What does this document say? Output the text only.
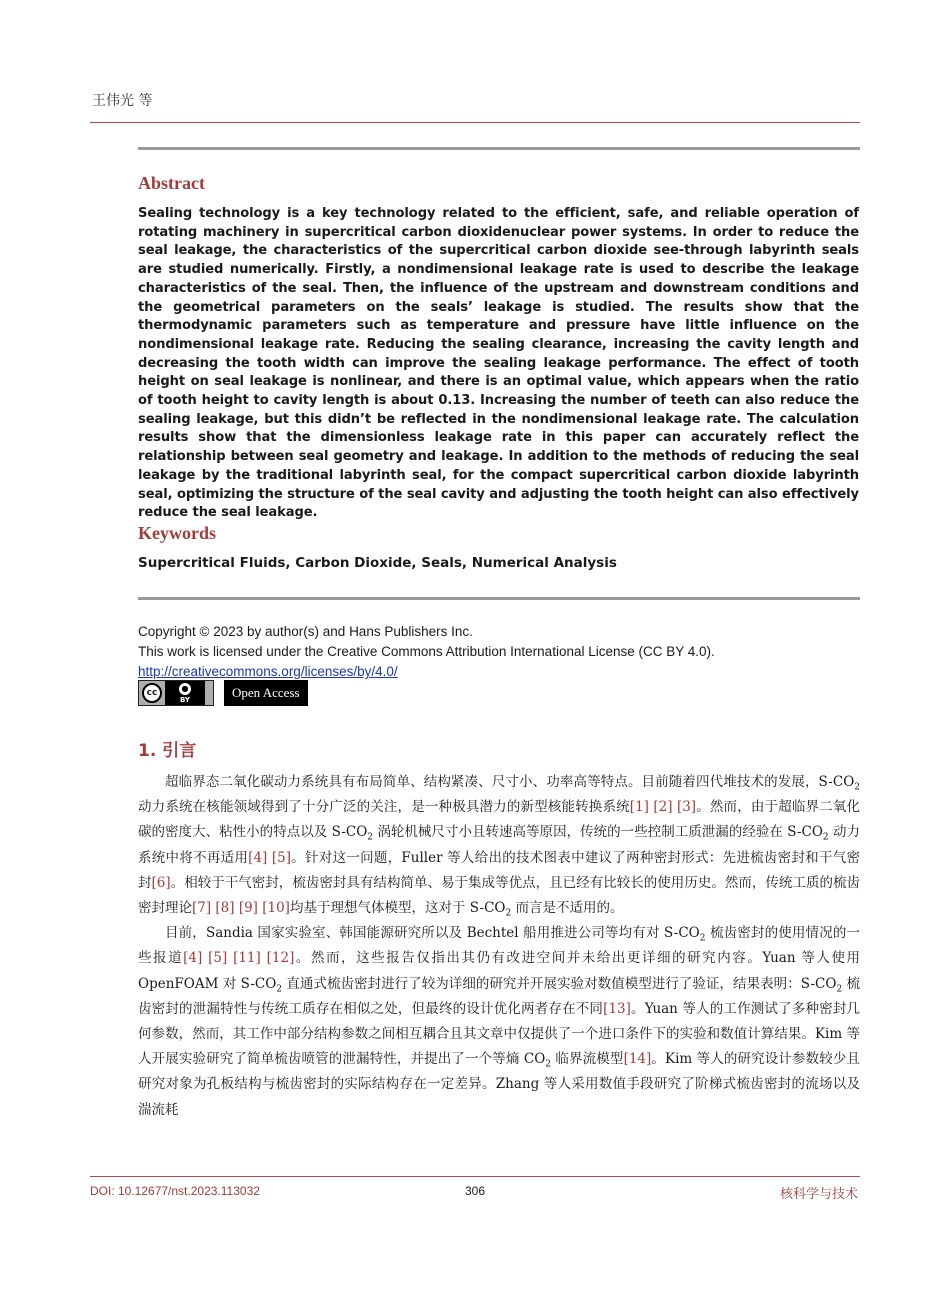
王伟光 等
Abstract
Sealing technology is a key technology related to the efficient, safe, and reliable operation of rotating machinery in supercritical carbon dioxidenuclear power systems. In order to reduce the seal leakage, the characteristics of the supercritical carbon dioxide see-through labyrinth seals are studied numerically. Firstly, a nondimensional leakage rate is used to describe the leakage characteristics of the seal. Then, the influence of the upstream and downstream conditions and the geometrical parameters on the seals’ leakage is studied. The results show that the thermodynamic parameters such as temperature and pressure have little influence on the nondimensional leakage rate. Reducing the sealing clearance, increasing the cavity length and decreasing the tooth width can improve the sealing leakage performance. The effect of tooth height on seal leakage is nonlinear, and there is an optimal value, which appears when the ratio of tooth height to cavity length is about 0.13. Increasing the number of teeth can also reduce the sealing leakage, but this didn’t be reflected in the nondimensional leakage rate. The calculation results show that the dimensionless leakage rate in this paper can accurately reflect the relationship between seal geometry and leakage. In addition to the methods of reducing the seal leakage by the traditional labyrinth seal, for the compact supercritical carbon dioxide labyrinth seal, optimizing the structure of the seal cavity and adjusting the tooth height can also effectively reduce the seal leakage.
Keywords
Supercritical Fluids, Carbon Dioxide, Seals, Numerical Analysis
Copyright © 2023 by author(s) and Hans Publishers Inc.
This work is licensed under the Creative Commons Attribution International License (CC BY 4.0).
http://creativecommons.org/licenses/by/4.0/
cc	●
BY	Open Access
1. 引言

超临界态二氧化碳动力系统具有布局简单、结构紧凑、尺寸小、功率高等特点。目前随着四代堆技术的发展，$S-CO_2$ 动力系统在核能领域得到了十分广泛的关注，是一种极具潜力的新型核能转换系统[1] [2] [3]。然而，由于超临界二氧化碳的密度大、粘性小的特点以及 $S-CO_2$ 涡轮机械尺寸小且转速高等原因，传统的一些控制工质泄漏的经验在 $S-CO_2$ 动力系统中将不再适用[4] [5]。针对这一问题，Fuller 等人给出的技术图表中建议了两种密封形式：先进梳齿密封和干气密封[6]。相较于干气密封，梳齿密封具有结构简单、易于集成等优点，且已经有比较长的使用历史。然而，传统工质的梳齿密封理论[7] [8] [9] [10]均基于理想气体模型，这对于 $S-CO_2$ 而言是不适用的。

目前，Sandia 国家实验室、韩国能源研究所以及 Bechtel 船用推进公司等均有对 $S-CO_2$ 梳齿密封的使用情况的一些报道[4] [5] [11] [12]。然而，这些报告仅指出其仍有改进空间并未给出更详细的研究内容。Yuan 等人使用 OpenFOAM 对 $S-CO_2$ 直通式梳齿密封进行了较为详细的研究并开展实验对数值模型进行了验证，结果表明：$S-CO_2$ 梳齿密封的泄漏特性与传统工质存在相似之处，但最终的设计优化两者存在不同[13]。Yuan 等人的工作测试了多种密封几何参数，然而，其工作中部分结构参数之间相互耦合且其文章中仅提供了一个进口条件下的实验和数值计算结果。Kim 等人开展实验研究了简单梳齿喷管的泄漏特性，并提出了一个等熵 $CO_2$ 临界流模型[14]。Kim 等人的研究设计参数较少且研究对象为孔板结构与梳齿密封的实际结构存在一定差异。Zhang 等人采用数值手段研究了阶梯式梳齿密封的流场以及湍流耗

DOI: 10.12677/nst.2023.113032	306	核科学与技术
